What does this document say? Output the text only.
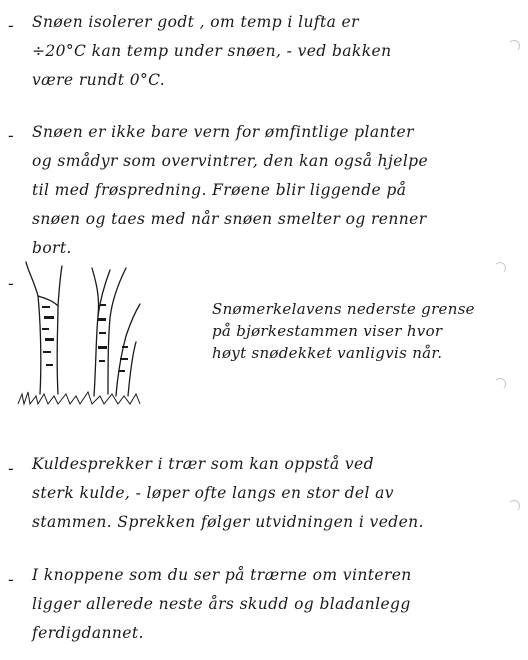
- Snøen isolerer godt , om temp i lufta er
÷20°C kan temp under snøen, - ved bakken
være rundt 0°C.
- Snøen er ikke bare vern for ømfintlige planter
og smådyr som overvintrer, den kan også hjelpe
til med frøspredning. Frøene blir liggende på
snøen og taes med når snøen smelter og renner
bort.
-
Snømerkelavens nederste grense
på bjørkestammen viser hvor
høyt snødekket vanligvis når.
- Kuldesprekker i trær som kan oppstå ved
sterk kulde, - løper ofte langs en stor del av
stammen. Sprekken følger utvidningen i veden.
- I knoppene som du ser på trærne om vinteren
ligger allerede neste års skudd og bladanlegg
ferdigdannet.
